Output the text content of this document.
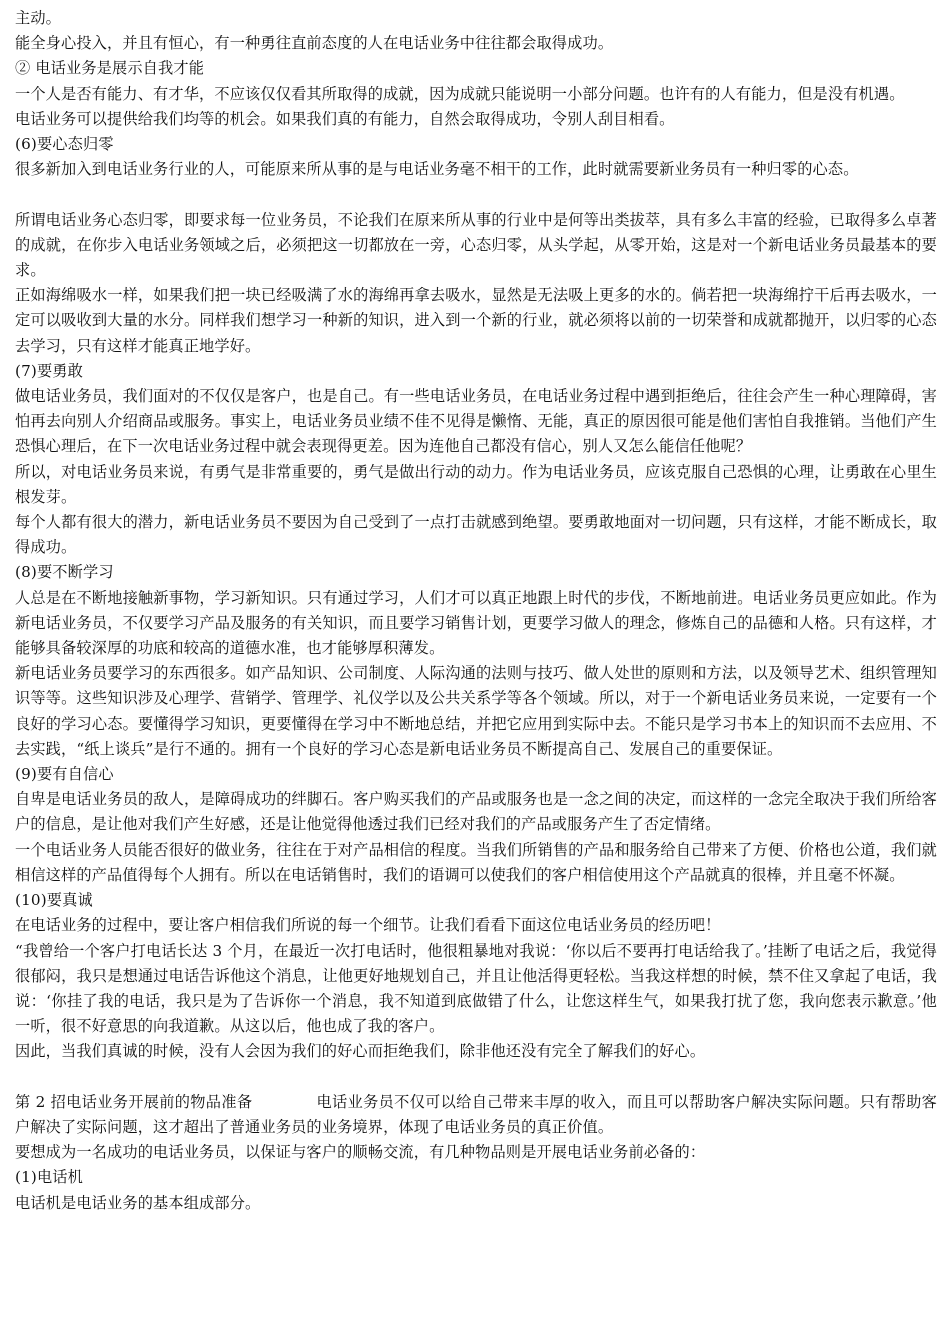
主动。

能全身心投入，并且有恒心，有一种勇往直前态度的人在电话业务中往往都会取得成功。

② 电话业务是展示自我才能

一个人是否有能力、有才华，不应该仅仅看其所取得的成就，因为成就只能说明一小部分问题。也许有的人有能力，但是没有机遇。

电话业务可以提供给我们均等的机会。如果我们真的有能力，自然会取得成功，令别人刮目相看。

(6)要心态归零

很多新加入到电话业务行业的人，可能原来所从事的是与电话业务毫不相干的工作，此时就需要新业务员有一种归零的心态。

所谓电话业务心态归零，即要求每一位业务员，不论我们在原来所从事的行业中是何等出类拔萃，具有多么丰富的经验，已取得多么卓著的成就，在你步入电话业务领域之后，必须把这一切都放在一旁，心态归零，从头学起，从零开始，这是对一个新电话业务员最基本的要求。

正如海绵吸水一样，如果我们把一块已经吸满了水的海绵再拿去吸水，显然是无法吸上更多的水的。倘若把一块海绵拧干后再去吸水，一定可以吸收到大量的水分。同样我们想学习一种新的知识，进入到一个新的行业，就必须将以前的一切荣誉和成就都抛开，以归零的心态去学习，只有这样才能真正地学好。

(7)要勇敢

做电话业务员，我们面对的不仅仅是客户，也是自己。有一些电话业务员，在电话业务过程中遇到拒绝后，往往会产生一种心理障碍，害怕再去向别人介绍商品或服务。事实上，电话业务员业绩不佳不见得是懒惰、无能，真正的原因很可能是他们害怕自我推销。当他们产生恐惧心理后，在下一次电话业务过程中就会表现得更差。因为连他自己都没有信心，别人又怎么能信任他呢？

所以，对电话业务员来说，有勇气是非常重要的，勇气是做出行动的动力。作为电话业务员，应该克服自己恐惧的心理，让勇敢在心里生根发芽。

每个人都有很大的潜力，新电话业务员不要因为自己受到了一点打击就感到绝望。要勇敢地面对一切问题，只有这样，才能不断成长，取得成功。

(8)要不断学习

人总是在不断地接触新事物，学习新知识。只有通过学习，人们才可以真正地跟上时代的步伐，不断地前进。电话业务员更应如此。作为新电话业务员，不仅要学习产品及服务的有关知识，而且要学习销售计划，更要学习做人的理念，修炼自己的品德和人格。只有这样，才能够具备较深厚的功底和较高的道德水准，也才能够厚积薄发。

新电话业务员要学习的东西很多。如产品知识、公司制度、人际沟通的法则与技巧、做人处世的原则和方法，以及领导艺术、组织管理知识等等。这些知识涉及心理学、营销学、管理学、礼仪学以及公共关系学等各个领域。所以，对于一个新电话业务员来说，一定要有一个良好的学习心态。要懂得学习知识，更要懂得在学习中不断地总结，并把它应用到实际中去。不能只是学习书本上的知识而不去应用、不去实践，“纸上谈兵”是行不通的。拥有一个良好的学习心态是新电话业务员不断提高自己、发展自己的重要保证。

(9)要有自信心

自卑是电话业务员的敌人，是障碍成功的绊脚石。客户购买我们的产品或服务也是一念之间的决定，而这样的一念完全取决于我们所给客户的信息，是让他对我们产生好感，还是让他觉得他透过我们已经对我们的产品或服务产生了否定情绪。

一个电话业务人员能否很好的做业务，往往在于对产品相信的程度。当我们所销售的产品和服务给自己带来了方便、价格也公道，我们就相信这样的产品值得每个人拥有。所以在电话销售时，我们的语调可以使我们的客户相信使用这个产品就真的很棒，并且毫不怀凝。

(10)要真诚

在电话业务的过程中，要让客户相信我们所说的每一个细节。让我们看看下面这位电话业务员的经历吧！

“我曾给一个客户打电话长达 3 个月，在最近一次打电话时，他很粗暴地对我说：‘你以后不要再打电话给我了。’挂断了电话之后，我觉得很郁闷，我只是想通过电话告诉他这个消息，让他更好地规划自己，并且让他活得更轻松。当我这样想的时候，禁不住又拿起了电话，我说：‘你挂了我的电话，我只是为了告诉你一个消息，我不知道到底做错了什么，让您这样生气，如果我打扰了您，我向您表示歉意。’他一听，很不好意思的向我道歉。从这以后，他也成了我的客户。

因此，当我们真诚的时候，没有人会因为我们的好心而拒绝我们，除非他还没有完全了解我们的好心。

第 2 招电话业务开展前的物品准备	电话业务员不仅可以给自己带来丰厚的收入，而且可以帮助客户解决实际问题。只有帮助客户解决了实际问题，这才超出了普通业务员的业务境界，体现了电话业务员的真正价值。

要想成为一名成功的电话业务员，以保证与客户的顺畅交流，有几种物品则是开展电话业务前必备的：

(1)电话机

电话机是电话业务的基本组成部分。
